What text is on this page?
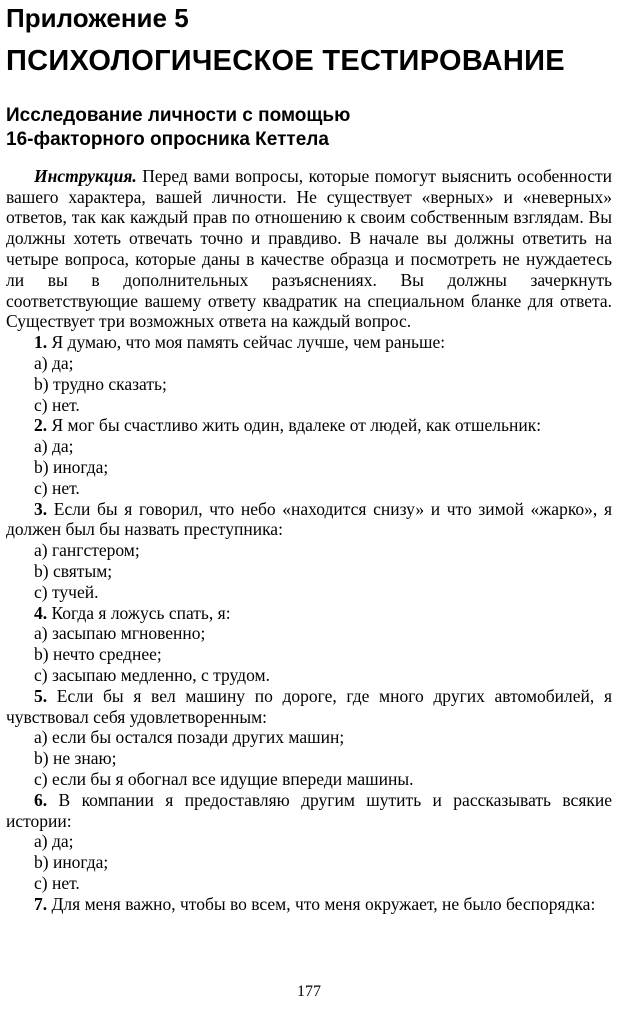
Приложение 5
ПСИХОЛОГИЧЕСКОЕ ТЕСТИРОВАНИЕ
Исследование личности с помощью
16-факторного опросника Кеттела

Инструкция. Перед вами вопросы, которые помогут выяснить особенности вашего характера, вашей личности. Не существует «верных» и «неверных» ответов, так как каждый прав по отношению к своим собственным взглядам. Вы должны хотеть отвечать точно и правдиво. В начале вы должны ответить на четыре вопроса, которые даны в качестве образца и посмотреть не нуждаетесь ли вы в дополнительных разъяснениях. Вы должны зачеркнуть соответствующие вашему ответу квадратик на специальном бланке для ответа. Существует три возможных ответа на каждый вопрос.

1. Я думаю, что моя память сейчас лучше, чем раньше:

a) да;

b) трудно сказать;

c) нет.

2. Я мог бы счастливо жить один, вдалеке от людей, как отшельник:

a) да;

b) иногда;

c) нет.

3. Если бы я говорил, что небо «находится снизу» и что зимой «жарко», я должен был бы назвать преступника:

a) гангстером;

b) святым;

c) тучей.

4. Когда я ложусь спать, я:

a) засыпаю мгновенно;

b) нечто среднее;

c) засыпаю медленно, с трудом.

5. Если бы я вел машину по дороге, где много других автомобилей, я чувствовал себя удовлетворенным:

a) если бы остался позади других машин;

b) не знаю;

c) если бы я обогнал все идущие впереди машины.

6. В компании я предоставляю другим шутить и рассказывать всякие истории:

a) да;

b) иногда;

c) нет.

7. Для меня важно, чтобы во всем, что меня окружает, не было беспорядка:

177
